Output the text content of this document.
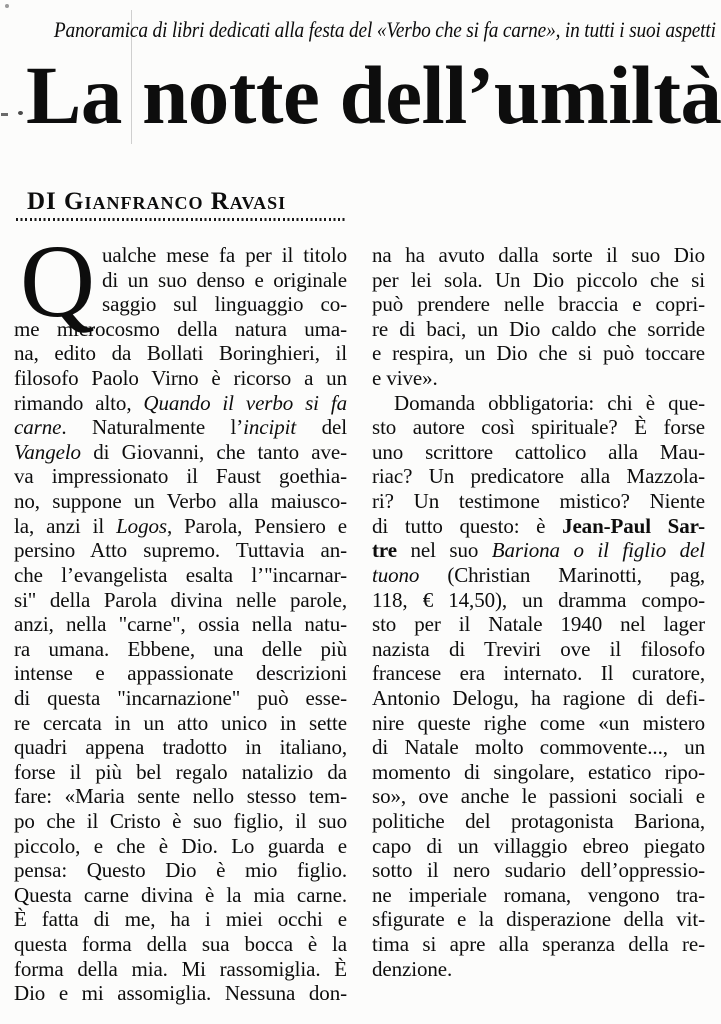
Panoramica di libri dedicati alla festa del «Verbo che si fa carne», in tutti i suoi aspetti
La notte dell’umiltà
DI Gianfranco Ravasi
Q ualche mese fa per il titolo
di un suo denso e originale
saggio sul linguaggio co-
me microcosmo della natura uma-
na, edito da Bollati Boringhieri, il
filosofo Paolo Virno è ricorso a un
rimando alto, Quando il verbo si fa
carne. Naturalmente l’incipit del
Vangelo di Giovanni, che tanto ave-
va impressionato il Faust goethia-
no, suppone un Verbo alla maiusco-
la, anzi il Logos, Parola, Pensiero e
persino Atto supremo. Tuttavia an-
che l’evangelista esalta l’"incarnar-
si" della Parola divina nelle parole,
anzi, nella "carne", ossia nella natu-
ra umana. Ebbene, una delle più
intense e appassionate descrizioni
di questa "incarnazione" può esse-
re cercata in un atto unico in sette
quadri appena tradotto in italiano,
forse il più bel regalo natalizio da
fare: «Maria sente nello stesso tem-
po che il Cristo è suo figlio, il suo
piccolo, e che è Dio. Lo guarda e
pensa: Questo Dio è mio figlio.
Questa carne divina è la mia carne.
È fatta di me, ha i miei occhi e
questa forma della sua bocca è la
forma della mia. Mi rassomiglia. È
Dio e mi assomiglia. Nessuna don-
na ha avuto dalla sorte il suo Dio
per lei sola. Un Dio piccolo che si
può prendere nelle braccia e copri-
re di baci, un Dio caldo che sorride
e respira, un Dio che si può toccare
e vive».
Domanda obbligatoria: chi è que-
sto autore così spirituale? È forse
uno scrittore cattolico alla Mau-
riac? Un predicatore alla Mazzola-
ri? Un testimone mistico? Niente
di tutto questo: è Jean-Paul Sar-
tre nel suo Bariona o il figlio del
tuono (Christian Marinotti, pag,
118, € 14,50), un dramma compo-
sto per il Natale 1940 nel lager
nazista di Treviri ove il filosofo
francese era internato. Il curatore,
Antonio Delogu, ha ragione di defi-
nire queste righe come «un mistero
di Natale molto commovente..., un
momento di singolare, estatico ripo-
so», ove anche le passioni sociali e
politiche del protagonista Bariona,
capo di un villaggio ebreo piegato
sotto il nero sudario dell’oppressio-
ne imperiale romana, vengono tra-
sfigurate e la disperazione della vit-
tima si apre alla speranza della re-
denzione.
